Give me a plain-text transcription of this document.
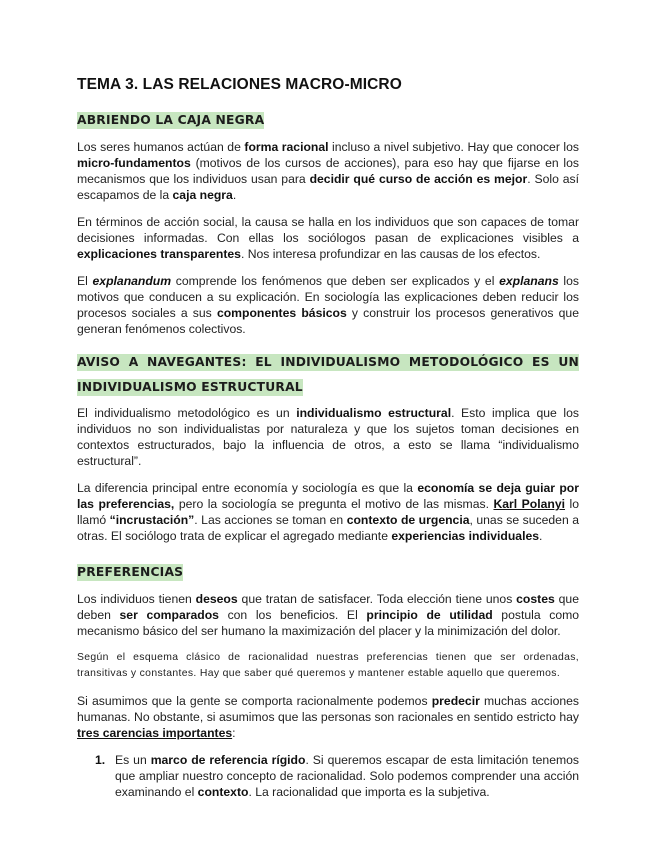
TEMA 3. LAS RELACIONES MACRO-MICRO
ABRIENDO LA CAJA NEGRA

Los seres humanos actúan de forma racional incluso a nivel subjetivo. Hay que conocer los micro-fundamentos (motivos de los cursos de acciones), para eso hay que fijarse en los mecanismos que los individuos usan para decidir qué curso de acción es mejor. Solo así escapamos de la caja negra.

En términos de acción social, la causa se halla en los individuos que son capaces de tomar decisiones informadas. Con ellas los sociólogos pasan de explicaciones visibles a explicaciones transparentes. Nos interesa profundizar en las causas de los efectos.

El explanandum comprende los fenómenos que deben ser explicados y el explanans los motivos que conducen a su explicación. En sociología las explicaciones deben reducir los procesos sociales a sus componentes básicos y construir los procesos generativos que generan fenómenos colectivos.

AVISO A NAVEGANTES: EL INDIVIDUALISMO METODOLÓGICO ES UN INDIVIDUALISMO ESTRUCTURAL

El individualismo metodológico es un individualismo estructural. Esto implica que los individuos no son individualistas por naturaleza y que los sujetos toman decisiones en contextos estructurados, bajo la influencia de otros, a esto se llama “individualismo estructural”.

La diferencia principal entre economía y sociología es que la economía se deja guiar por las preferencias, pero la sociología se pregunta el motivo de las mismas. Karl Polanyi lo llamó “incrustación”. Las acciones se toman en contexto de urgencia, unas se suceden a otras. El sociólogo trata de explicar el agregado mediante experiencias individuales.

PREFERENCIAS

Los individuos tienen deseos que tratan de satisfacer. Toda elección tiene unos costes que deben ser comparados con los beneficios. El principio de utilidad postula como mecanismo básico del ser humano la maximización del placer y la minimización del dolor.

Según el esquema clásico de racionalidad nuestras preferencias tienen que ser ordenadas, transitivas y constantes. Hay que saber qué queremos y mantener estable aquello que queremos.

Si asumimos que la gente se comporta racionalmente podemos predecir muchas acciones humanas. No obstante, si asumimos que las personas son racionales en sentido estricto hay tres carencias importantes:

1. Es un marco de referencia rígido. Si queremos escapar de esta limitación tenemos que ampliar nuestro concepto de racionalidad. Solo podemos comprender una acción examinando el contexto. La racionalidad que importa es la subjetiva.
